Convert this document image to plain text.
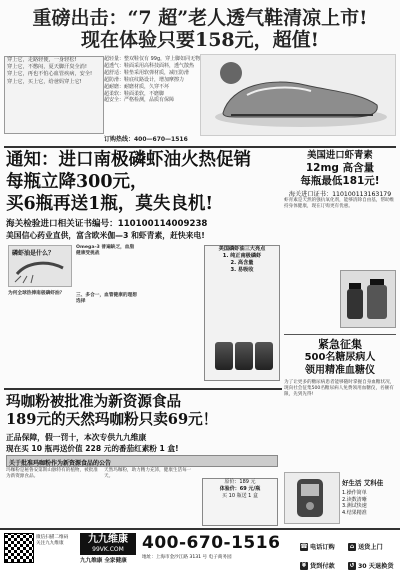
重磅出击：“7 超”老人透气鞋清凉上市!
现在体验只要158元，超值!
穿上它，走路轻便，一身轻松!
穿上它，不憋闷，夏天脚汗臭全消!
穿上它，再也不怕心血管疾病，安全!
穿上它，买上它，给爸妈穿上它!
超轻量：整双鞋仅有 99g，穿上脚如同无物
超透气：鞋面采用高科技面料，透气散热
超舒适：鞋垫采用软弹材质，减压防滑
超防滑：鞋底纹路设计，增加摩擦力
超耐磨：耐磨材质，久穿不坏
超柔软：鞋面柔软，不磨脚
超安全：严格检测，品质有保障
订购热线：400—670—1516
通知：进口南极磷虾油火热促销
每瓶立降300元，
买6瓶再送1瓶，莫失良机!
海关检验进口相关证书编号：110100114009238
美国信心药业直供，富含欧米伽—3 和虾青素，赶快来电!
磷虾油是什么？
为何全球热捧南极磷虾油？
Omega-3 普遍缺乏，血脂健康受挑战
三、多合一，血管健康的理想选择
美国磷虾油三大亮点
1. 纯正南极磷虾
2. 高含量
3. 易吸收
美国进口虾青素
12mg 高含量
每瓶最低181元!
海关进口证书：110100113163179
虾青素是天然的强抗氧化剂，能够清除自由基，帮助维持身体健康，现在订购更有优惠。
紧急征集
500名糖尿病人
领用精准血糖仪
为了让更多的糖尿病患者能够随时掌握自身血糖状况，现向社会征集500名糖尿病人免费领用血糖仪，名额有限，先到先得!
好生活 艾科佳
1.操作简单
2.读数清晰
3.测试快速
4.结果精准
玛咖粉被批准为新资源食品
189元的天然玛咖粉只卖69元！
正品保障，假一罚十，本次专供九九维康
现在买 10 瓶再送价值 228 元的番茄红素粉 1 盒!
关于批准玛咖粉作为新资源食品的公告
玛咖粉是秘鲁安第斯山脉特有的植物，被批准为新资源食品。
天然玛咖粉，助力精力充沛，健康生活每一天。
原价：189 元
体验价：69 元/瓶
买 10 瓶送 1 盒
微信扫描二维码
关注九九维康	九九维康
99VK.COM
九九维康 全家健康
400-670-1516
地址：上海市金沙江路 3131 号 电子商务园
☎ 电话订购	⌂ 送货上门 ¥ 货到付款 ↺ 30 天退换货
